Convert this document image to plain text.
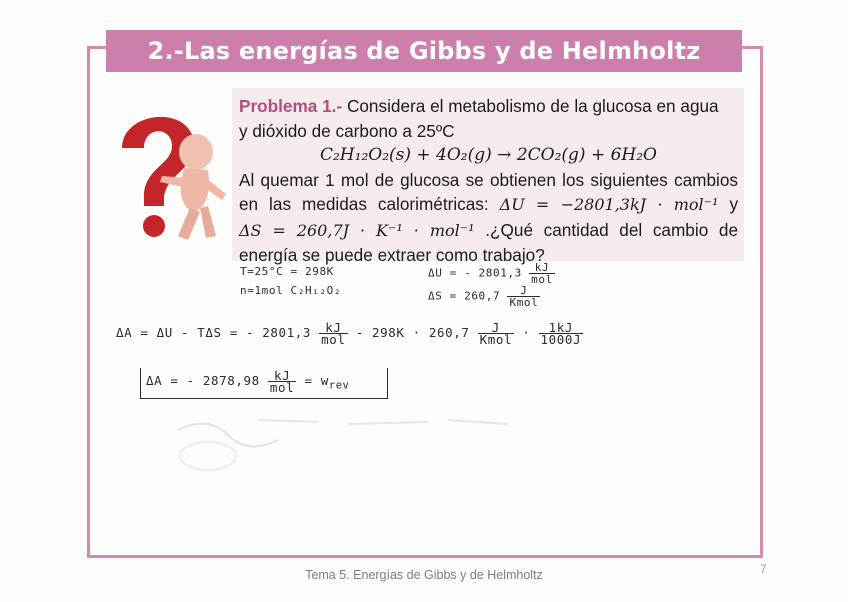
2.-Las energías de Gibbs y de Helmholtz

Problema 1.- Considera el metabolismo de la glucosa en agua

y dióxido de carbono a 25ºC

C₂H₁₂O₂(s) + 4O₂(g) → 2CO₂(g) + 6H₂O

Al quemar 1 mol de glucosa se obtienen los siguientes cambios

en las medidas calorimétricas: ΔU = −2801,3kJ · mol⁻¹ y

ΔS = 260,7J · K⁻¹ · mol⁻¹ .¿Qué cantidad del cambio de

energía se puede extraer como trabajo?

T=25°C = 298K
n=1mol C₂H₁₂O₂
ΔU = - $2801,3 \frac{kJ}{\text{mol}}$
$\Delta S = 260,7 \frac{J}{\text{Kmol}}$
ΔA = ΔU - TΔS = - $2801,3 \frac{kJ}{\text{mol}} - 298K \cdot 260,7 \frac{J}{\text{Kmol}} \cdot \frac{1kJ}{1000J}$
ΔA = - $2878,98 \frac{kJ}{\text{mol}} = w_{rev}$
Tema 5. Energías de Gibbs y de Helmholtz	7
